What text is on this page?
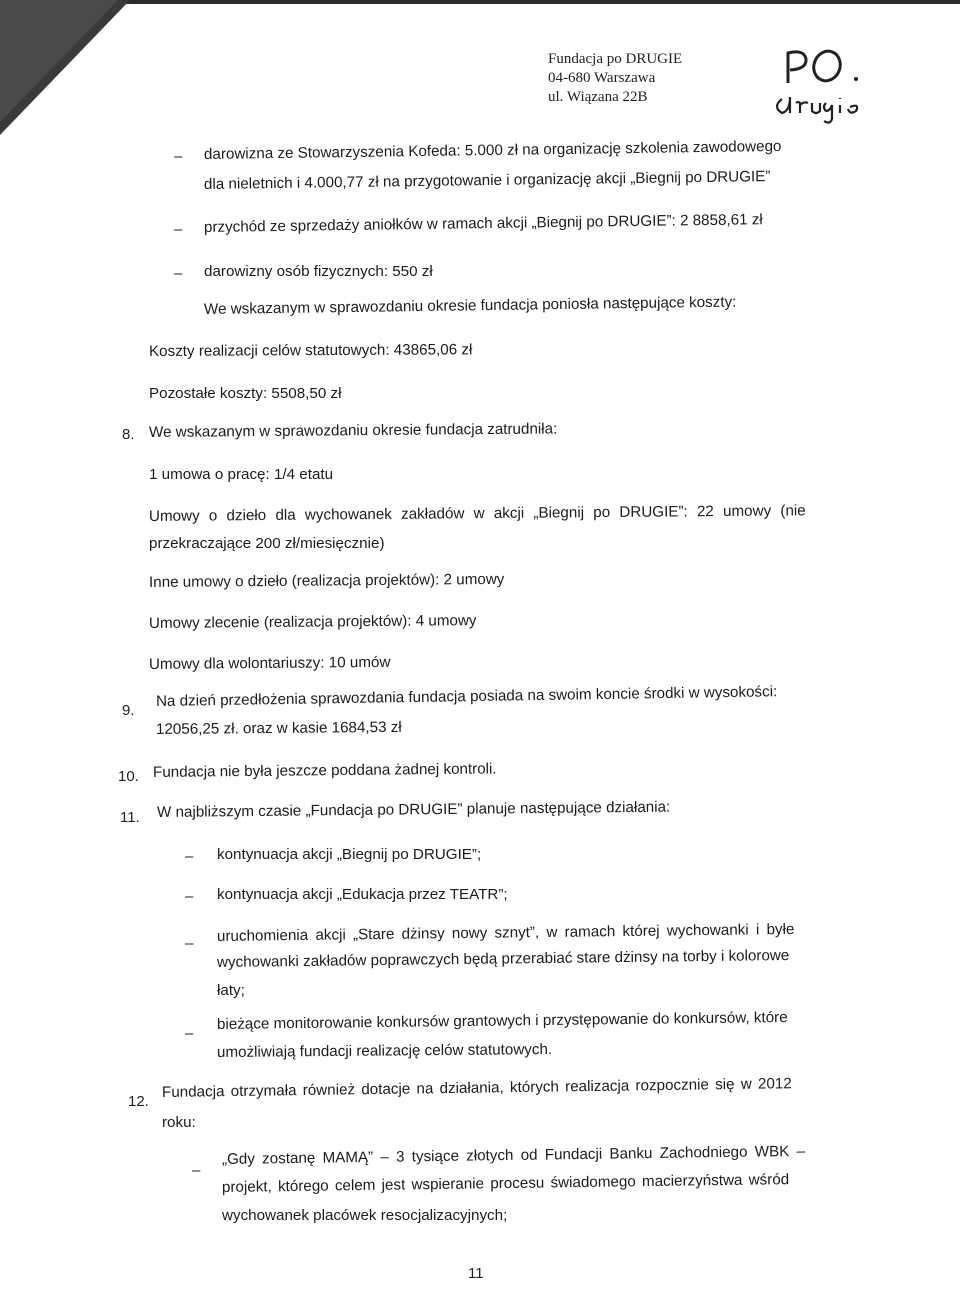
Fundacja po DRUGIE
04-680 Warszawa
ul. Wiązana 22B
– darowizna ze Stowarzyszenia Kofeda: 5.000 zł na organizację szkolenia zawodowego
dla nieletnich i 4.000,77 zł na przygotowanie i organizację akcji „Biegnij po DRUGIE”
– przychód ze sprzedaży aniołków w ramach akcji „Biegnij po DRUGIE”: 2 8858,61 zł
– darowizny osób fizycznych: 550 zł
We wskazanym w sprawozdaniu okresie fundacja poniosła następujące koszty:
Koszty realizacji celów statutowych: 43865,06 zł
Pozostałe koszty: 5508,50 zł
8. We wskazanym w sprawozdaniu okresie fundacja zatrudniła:
1 umowa o pracę: 1/4 etatu
Umowy o dzieło dla wychowanek zakładów w akcji „Biegnij po DRUGIE”: 22 umowy (nie
przekraczające 200 zł/miesięcznie)
Inne umowy o dzieło (realizacja projektów): 2 umowy
Umowy zlecenie (realizacja projektów): 4 umowy
Umowy dla wolontariuszy: 10 umów
9.
Na dzień przedłożenia sprawozdania fundacja posiada na swoim koncie środki w wysokości:
12056,25 zł. oraz w kasie 1684,53 zł
10. Fundacja nie była jeszcze poddana żadnej kontroli.
11. W najbliższym czasie „Fundacja po DRUGIE” planuje następujące działania:
– kontynuacja akcji „Biegnij po DRUGIE”;
– kontynuacja akcji „Edukacja przez TEATR”;
– uruchomienia akcji „Stare dżinsy nowy sznyt”, w ramach której wychowanki i byłe
wychowanki zakładów poprawczych będą przerabiać stare dżinsy na torby i kolorowe
łaty;
–
bieżące monitorowanie konkursów grantowych i przystępowanie do konkursów, które
umożliwiają fundacji realizację celów statutowych.
12.
Fundacja otrzymała również dotacje na działania, których realizacja rozpocznie się w 2012
roku:
–
„Gdy zostanę MAMĄ” – 3 tysiące złotych od Fundacji Banku Zachodniego WBK –
projekt, którego celem jest wspieranie procesu świadomego macierzyństwa wśród
wychowanek placówek resocjalizacyjnych;
11
